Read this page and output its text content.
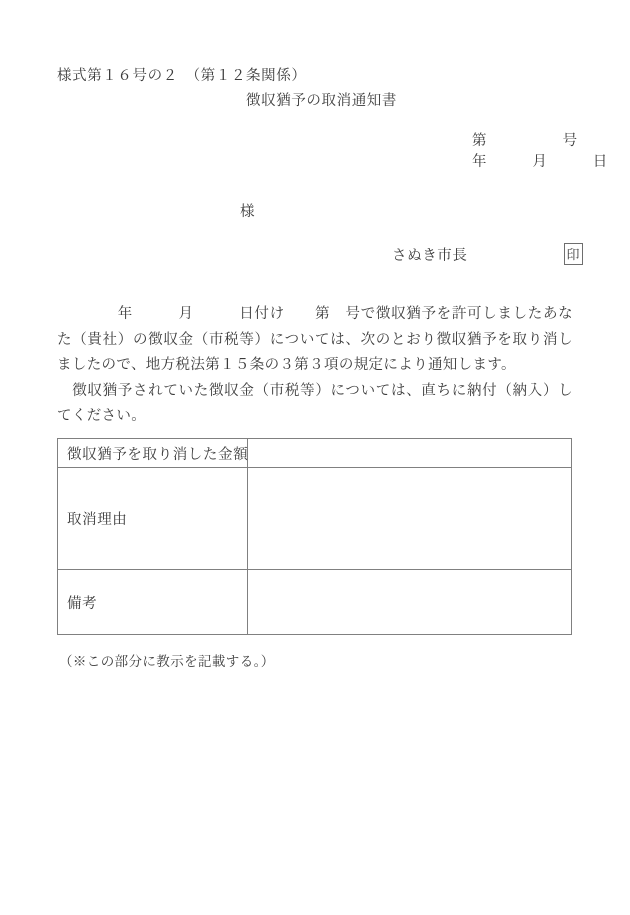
様式第１６号の２　（第１２条関係）
徴収猶予の取消通知書
第　　　　　号
年　　　月　　　日
様
さぬき市長	印

　　　　年　　　月　　　日付け　　第　号で徴収猶予を許可しましたあなた（貴社）の徴収金（市税等）については、次のとおり徴収猶予を取り消しましたので、地方税法第１５条の３第３項の規定により通知します。

　徴収猶予されていた徴収金（市税等）については、直ちに納付（納入）してください。

徴収猶予を取り消した金額	
取消理由	
備考	
（※この部分に教示を記載する。）
